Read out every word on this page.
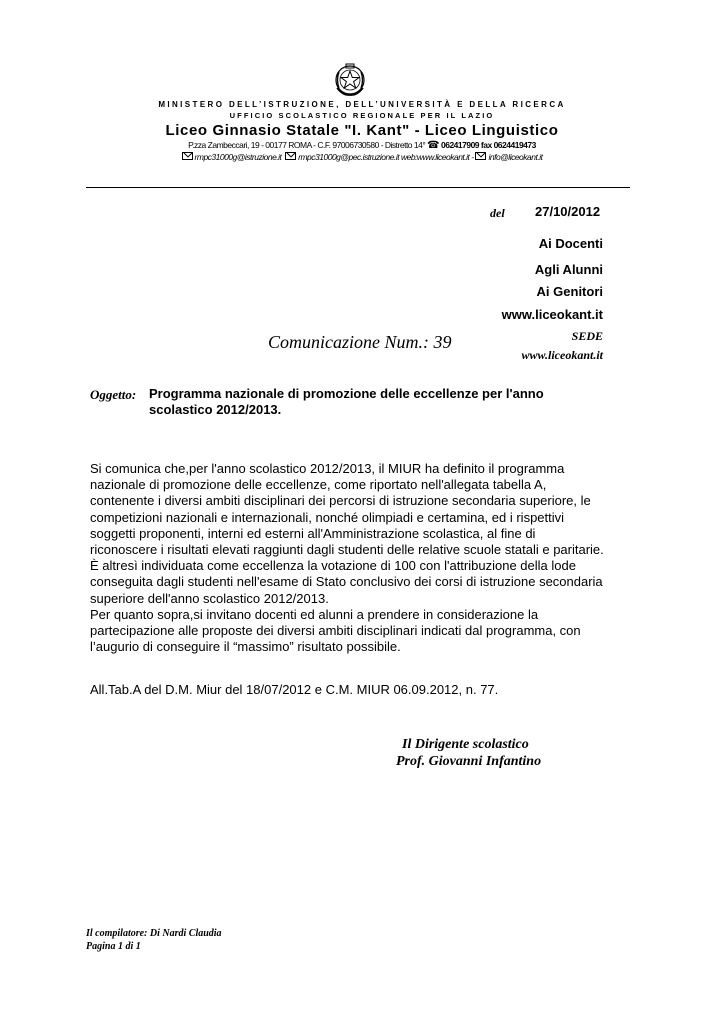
MINISTERO DELL’ISTRUZIONE, DELL’UNIVERSITÀ E DELLA RICERCA
UFFICIO SCOLASTICO REGIONALE PER IL LAZIO
Liceo Ginnasio Statale "I. Kant" - Liceo Linguistico
P.zza Zambeccari, 19 - 00177 ROMA - C.F. 97006730580 - Distretto 14° ☎ 062417909 fax 0624419473
rmpc31000g@istruzione.it rmpc31000g@pec.istruzione.it web:www.liceokant.it - info@liceokant.it
del 27/10/2012
Ai Docenti
Agli Alunni
Ai Genitori
www.liceokant.it
SEDE
www.liceokant.it
Comunicazione Num.: 39
Oggetto: Programma nazionale di promozione delle eccellenze per l'anno
scolastico 2012/2013.
Si comunica che,per l'anno scolastico 2012/2013, il MIUR ha definito il programma
nazionale di promozione delle eccellenze, come riportato nell'allegata tabella A,
contenente i diversi ambiti disciplinari dei percorsi di istruzione secondaria superiore, le
competizioni nazionali e internazionali, nonché olimpiadi e certamina, ed i rispettivi
soggetti proponenti, interni ed esterni all'Amministrazione scolastica, al fine di
riconoscere i risultati elevati raggiunti dagli studenti delle relative scuole statali e paritarie.
È altresì individuata come eccellenza la votazione di 100 con l'attribuzione della lode
conseguita dagli studenti nell'esame di Stato conclusivo dei corsi di istruzione secondaria
superiore dell'anno scolastico 2012/2013.
Per quanto sopra,si invitano docenti ed alunni a prendere in considerazione la
partecipazione alle proposte dei diversi ambiti disciplinari indicati dal programma, con
l’augurio di conseguire il “massimo” risultato possibile.
All.Tab.A del D.M. Miur del 18/07/2012 e C.M. MIUR 06.09.2012, n. 77.
Il Dirigente scolastico
Prof. Giovanni Infantino
Il compilatore: Di Nardi Claudia
Pagina 1 di 1
